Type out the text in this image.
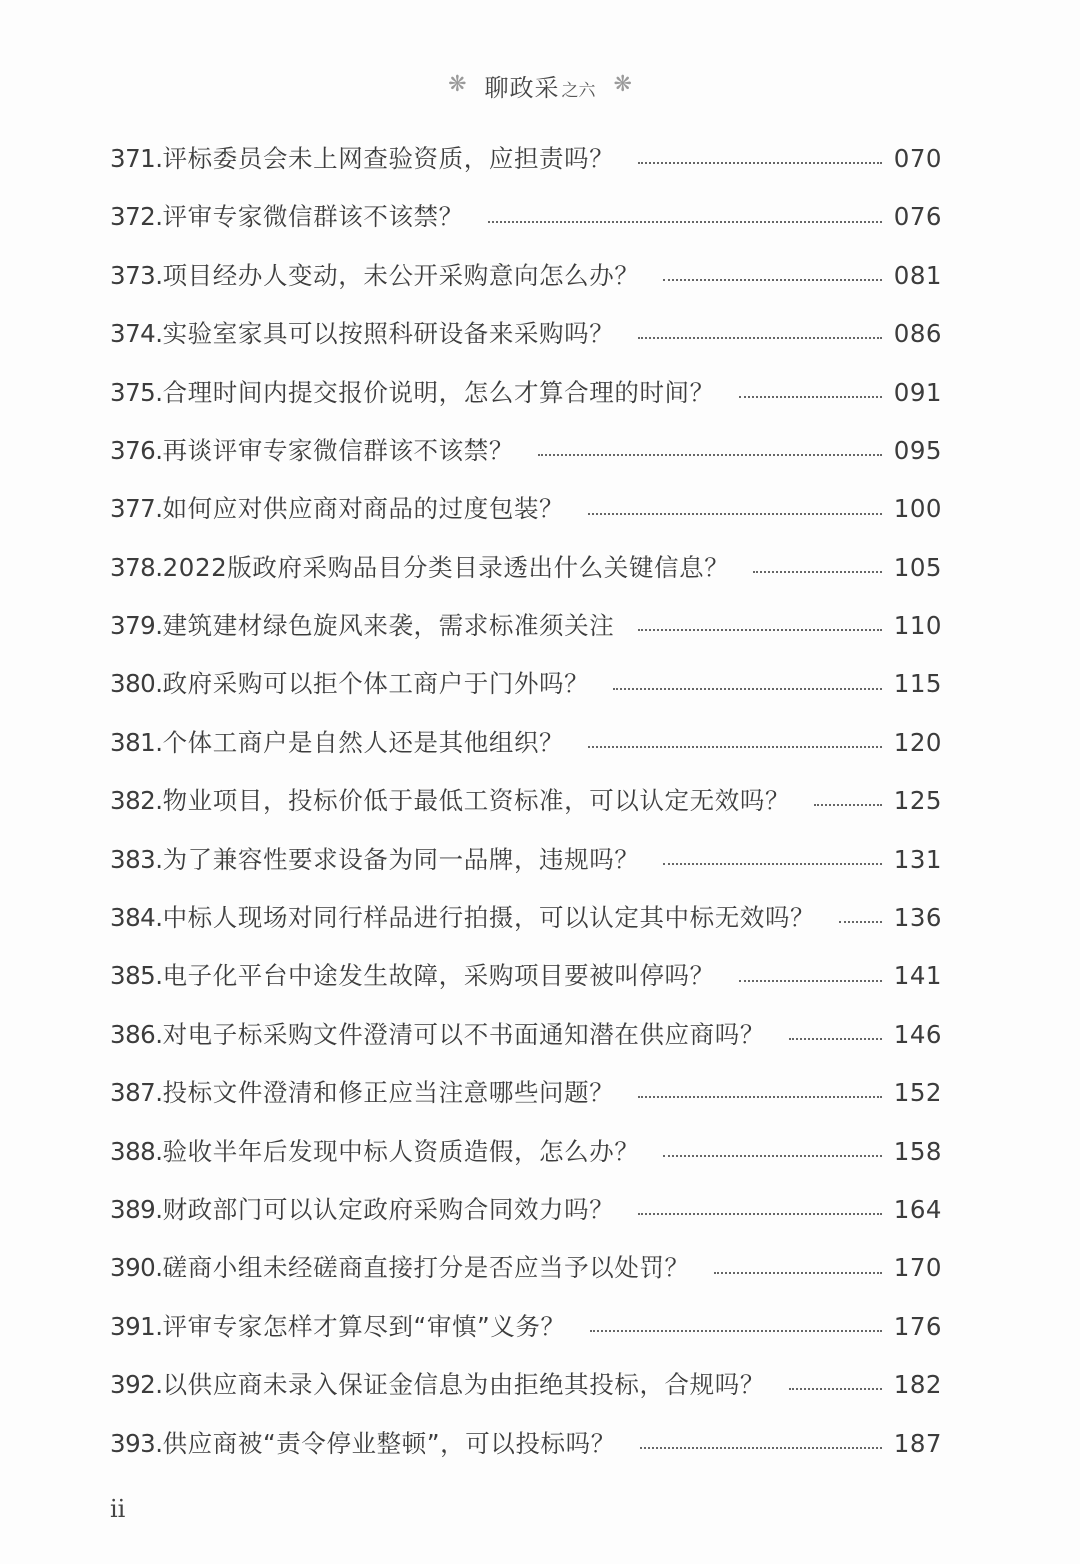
❋ 聊政采 之六 ❋
371. 评标委员会未上网查验资质，应担责吗？	070
372. 评审专家微信群该不该禁？	076
373. 项目经办人变动，未公开采购意向怎么办？	081
374. 实验室家具可以按照科研设备来采购吗？	086
375. 合理时间内提交报价说明，怎么才算合理的时间？	091
376. 再谈评审专家微信群该不该禁？	095
377. 如何应对供应商对商品的过度包装？	100
378. 2022版政府采购品目分类目录透出什么关键信息？	105
379. 建筑建材绿色旋风来袭，需求标准须关注	110
380. 政府采购可以拒个体工商户于门外吗？	115
381. 个体工商户是自然人还是其他组织？	120
382. 物业项目，投标价低于最低工资标准，可以认定无效吗？	125
383. 为了兼容性要求设备为同一品牌，违规吗？	131
384. 中标人现场对同行样品进行拍摄，可以认定其中标无效吗？	136
385. 电子化平台中途发生故障，采购项目要被叫停吗？	141
386. 对电子标采购文件澄清可以不书面通知潜在供应商吗？	146
387. 投标文件澄清和修正应当注意哪些问题？	152
388. 验收半年后发现中标人资质造假，怎么办？	158
389. 财政部门可以认定政府采购合同效力吗？	164
390. 磋商小组未经磋商直接打分是否应当予以处罚？	170
391. 评审专家怎样才算尽到“审慎”义务？	176
392. 以供应商未录入保证金信息为由拒绝其投标，合规吗？	182
393. 供应商被“责令停业整顿”，可以投标吗？	187
ii
